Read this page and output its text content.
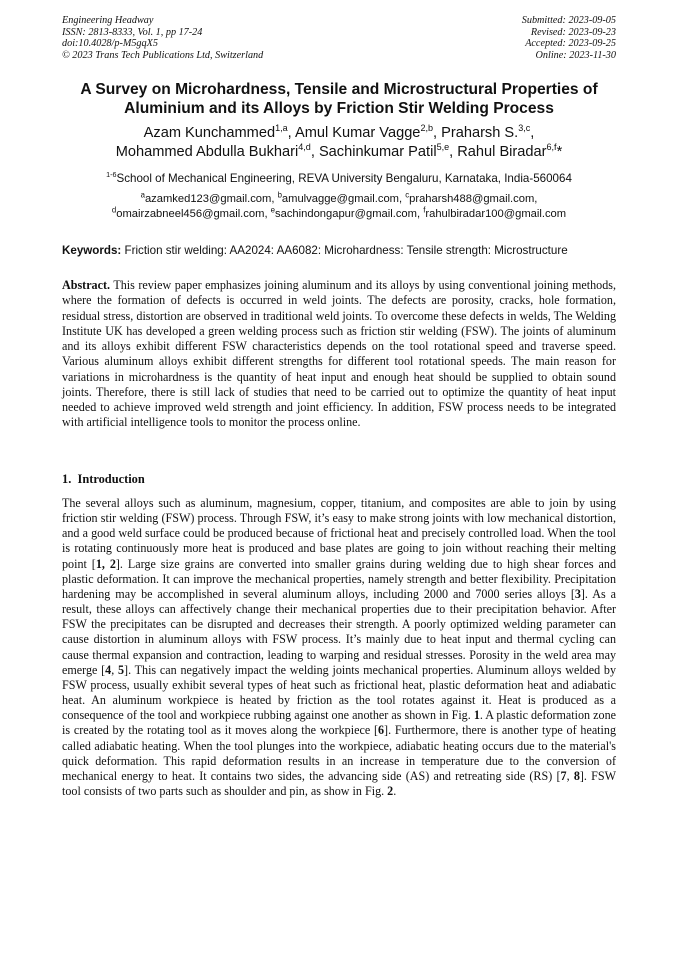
Engineering Headway
ISSN: 2813-8333, Vol. 1, pp 17-24
doi:10.4028/p-M5gqX5
© 2023 Trans Tech Publications Ltd, Switzerland
Submitted: 2023-09-05
Revised: 2023-09-23
Accepted: 2023-09-25
Online: 2023-11-30
A Survey on Microhardness, Tensile and Microstructural Properties of
Aluminium and its Alloys by Friction Stir Welding Process
Azam Kunchammed$^{1,a}$, Amul Kumar Vagge$^{2,b}$, Praharsh S.$^{3,c}$,
Mohammed Abdulla Bukhari$^{4,d}$, Sachinkumar Patil$^{5,e}$, Rahul Biradar$^{6,f}$*
$^{1-6}$School of Mechanical Engineering, REVA University Bengaluru, Karnataka, India-560064
$^a$azamked123@gmail.com, $^b$amulvagge@gmail.com, $^c$praharsh488@gmail.com,
$^d$omairzabneel456@gmail.com, $^e$sachindongapur@gmail.com, $^f$rahulbiradar100@gmail.com
Keywords: Friction stir welding: AA2024: AA6082: Microhardness: Tensile strength: Microstructure

Abstract. This review paper emphasizes joining aluminum and its alloys by using conventional joining methods, where the formation of defects is occurred in weld joints. The defects are porosity, cracks, hole formation, residual stress, distortion are observed in traditional weld joints. To overcome these defects in welds, The Welding Institute UK has developed a green welding process such as friction stir welding (FSW). The joints of aluminum and its alloys exhibit different FSW characteristics depends on the tool rotational speed and traverse speed. Various aluminum alloys exhibit different strengths for different tool rotational speeds. The main reason for variations in microhardness is the quantity of heat input and enough heat should be supplied to obtain sound joints. Therefore, there is still lack of studies that need to be carried out to optimize the quantity of heat input needed to achieve improved weld strength and joint efficiency. In addition, FSW process needs to be integrated with artificial intelligence tools to monitor the process online.

1. Introduction

The several alloys such as aluminum, magnesium, copper, titanium, and composites are able to join by using friction stir welding (FSW) process. Through FSW, it’s easy to make strong joints with low mechanical distortion, and a good weld surface could be produced because of frictional heat and precisely controlled load. When the tool is rotating continuously more heat is produced and base plates are going to join without reaching their melting point [1, 2]. Large size grains are converted into smaller grains during welding due to high shear forces and plastic deformation. It can improve the mechanical properties, namely strength and better flexibility. Precipitation hardening may be accomplished in several aluminum alloys, including 2000 and 7000 series alloys [3]. As a result, these alloys can affectively change their mechanical properties due to their precipitation behavior. After FSW the precipitates can be disrupted and decreases their strength. A poorly optimized welding parameter can cause distortion in aluminum alloys with FSW process. It’s mainly due to heat input and thermal cycling can cause thermal expansion and contraction, leading to warping and residual stresses. Porosity in the weld area may emerge [4, 5]. This can negatively impact the welding joints mechanical properties. Aluminum alloys welded by FSW process, usually exhibit several types of heat such as frictional heat, plastic deformation heat and adiabatic heat. An aluminum workpiece is heated by friction as the tool rotates against it. Heat is produced as a consequence of the tool and workpiece rubbing against one another as shown in Fig. 1. A plastic deformation zone is created by the rotating tool as it moves along the workpiece [6]. Furthermore, there is another type of heating called adiabatic heating. When the tool plunges into the workpiece, adiabatic heating occurs due to the material's quick deformation. This rapid deformation results in an increase in temperature due to the conversion of mechanical energy to heat. It contains two sides, the advancing side (AS) and retreating side (RS) [7, 8]. FSW tool consists of two parts such as shoulder and pin, as show in Fig. 2.
